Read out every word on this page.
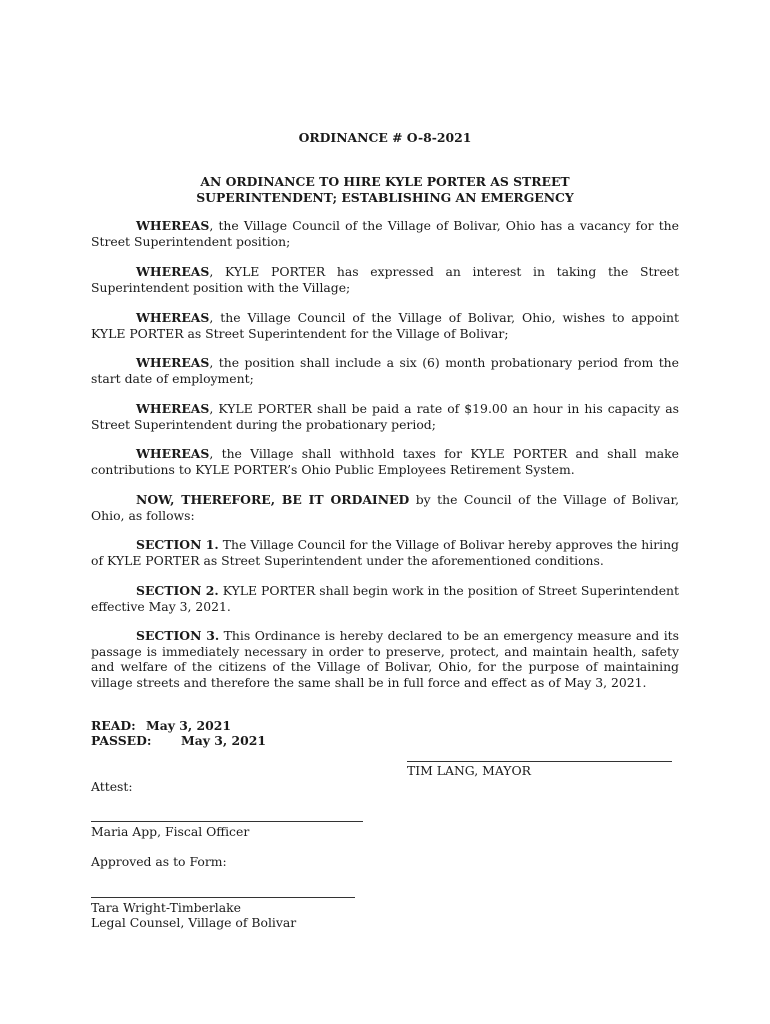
ORDINANCE # O-8-2021
AN ORDINANCE TO HIRE KYLE PORTER AS STREET SUPERINTENDENT; ESTABLISHING AN EMERGENCY

WHEREAS, the Village Council of the Village of Bolivar, Ohio has a vacancy for the Street Superintendent position;

WHEREAS, KYLE PORTER has expressed an interest in taking the Street Superintendent position with the Village;

WHEREAS, the Village Council of the Village of Bolivar, Ohio, wishes to appoint KYLE PORTER as Street Superintendent for the Village of Bolivar;

WHEREAS, the position shall include a six (6) month probationary period from the start date of employment;

WHEREAS, KYLE PORTER shall be paid a rate of $19.00 an hour in his capacity as Street Superintendent during the probationary period;

WHEREAS, the Village shall withhold taxes for KYLE PORTER and shall make contributions to KYLE PORTER’s Ohio Public Employees Retirement System.

NOW, THEREFORE, BE IT ORDAINED by the Council of the Village of Bolivar, Ohio, as follows:

SECTION 1. The Village Council for the Village of Bolivar hereby approves the hiring of KYLE PORTER as Street Superintendent under the aforementioned conditions.

SECTION 2. KYLE PORTER shall begin work in the position of Street Superintendent effective May 3, 2021.

SECTION 3. This Ordinance is hereby declared to be an emergency measure and its passage is immediately necessary in order to preserve, protect, and maintain health, safety and welfare of the citizens of the Village of Bolivar, Ohio, for the purpose of maintaining village streets and therefore the same shall be in full force and effect as of May 3, 2021.

READ: May 3, 2021
PASSED: May 3, 2021
TIM LANG, MAYOR
Attest:
Maria App, Fiscal Officer
Approved as to Form:
Tara Wright-Timberlake
Legal Counsel, Village of Bolivar
